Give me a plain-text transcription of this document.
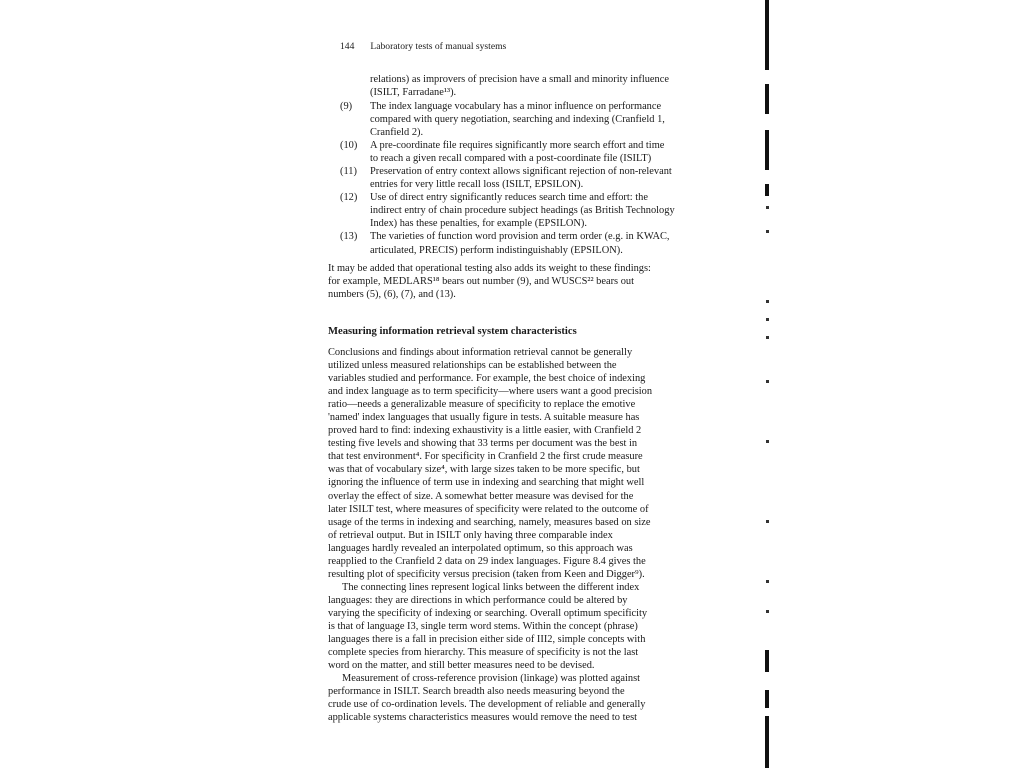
144 Laboratory tests of manual systems
relations) as improvers of precision have a small and minority influence
(ISILT, Farradane¹³).
(9)	The index language vocabulary has a minor influence on performance
compared with query negotiation, searching and indexing (Cranfield 1,
Cranfield 2).
(10)	A pre-coordinate file requires significantly more search effort and time
to reach a given recall compared with a post-coordinate file (ISILT)
(11)	Preservation of entry context allows significant rejection of non-relevant
entries for very little recall loss (ISILT, EPSILON).
(12)	Use of direct entry significantly reduces search time and effort: the
indirect entry of chain procedure subject headings (as British Technology
Index) has these penalties, for example (EPSILON).
(13)	The varieties of function word provision and term order (e.g. in KWAC,
articulated, PRECIS) perform indistinguishably (EPSILON).
It may be added that operational testing also adds its weight to these findings:
for example, MEDLARS¹⁸ bears out number (9), and WUSCS²² bears out
numbers (5), (6), (7), and (13).
Measuring information retrieval system characteristics
Conclusions and findings about information retrieval cannot be generally
utilized unless measured relationships can be established between the
variables studied and performance. For example, the best choice of indexing
and index language as to term specificity—where users want a good precision
ratio—needs a generalizable measure of specificity to replace the emotive
'named' index languages that usually figure in tests. A suitable measure has
proved hard to find: indexing exhaustivity is a little easier, with Cranfield 2
testing five levels and showing that 33 terms per document was the best in
that test environment⁴. For specificity in Cranfield 2 the first crude measure
was that of vocabulary size⁴, with large sizes taken to be more specific, but
ignoring the influence of term use in indexing and searching that might well
overlay the effect of size. A somewhat better measure was devised for the
later ISILT test, where measures of specificity were related to the outcome of
usage of the terms in indexing and searching, namely, measures based on size
of retrieval output. But in ISILT only having three comparable index
languages hardly revealed an interpolated optimum, so this approach was
reapplied to the Cranfield 2 data on 29 index languages. Figure 8.4 gives the
resulting plot of specificity versus precision (taken from Keen and Digger⁹).
The connecting lines represent logical links between the different index
languages: they are directions in which performance could be altered by
varying the specificity of indexing or searching. Overall optimum specificity
is that of language I3, single term word stems. Within the concept (phrase)
languages there is a fall in precision either side of III2, simple concepts with
complete species from hierarchy. This measure of specificity is not the last
word on the matter, and still better measures need to be devised.
Measurement of cross-reference provision (linkage) was plotted against
performance in ISILT. Search breadth also needs measuring beyond the
crude use of co-ordination levels. The development of reliable and generally
applicable systems characteristics measures would remove the need to test
